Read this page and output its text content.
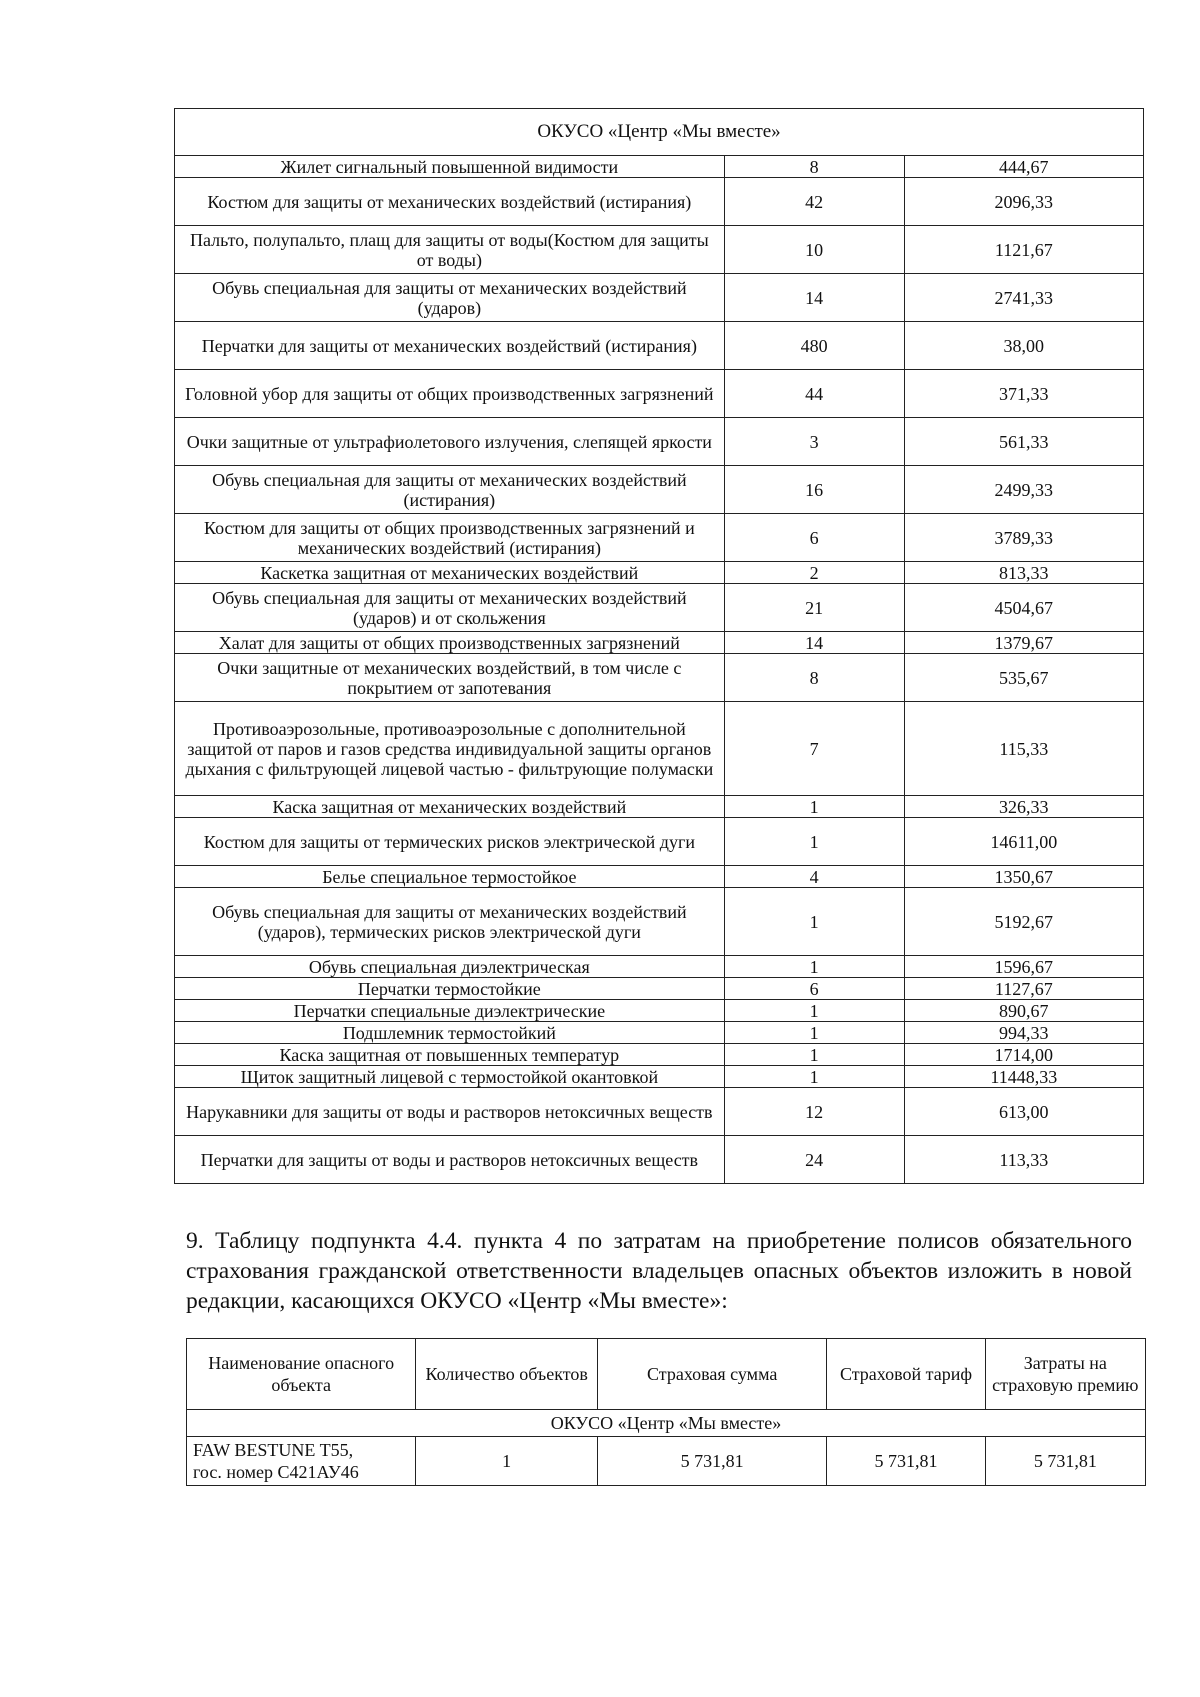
ОКУСО «Центр «Мы вместе»		
Жилет сигнальный повышенной видимости	8	444,67
Костюм для защиты от механических воздействий (истирания)	42	2096,33
Пальто, полупальто, плащ для защиты от воды(Костюм для защиты от воды)	10	1121,67
Обувь специальная для защиты от механических воздействий (ударов)	14	2741,33
Перчатки для защиты от механических воздействий (истирания)	480	38,00
Головной убор для защиты от общих производственных загрязнений	44	371,33
Очки защитные от ультрафиолетового излучения, слепящей яркости	3	561,33
Обувь специальная для защиты от механических воздействий (истирания)	16	2499,33
Костюм для защиты от общих производственных загрязнений и механических воздействий (истирания)	6	3789,33
Каскетка защитная от механических воздействий	2	813,33
Обувь специальная для защиты от механических воздействий (ударов) и от скольжения	21	4504,67
Халат для защиты от общих производственных загрязнений	14	1379,67
Очки защитные от механических воздействий, в том числе с покрытием от запотевания	8	535,67
Противоаэрозольные, противоаэрозольные с дополнительной защитой от паров и газов средства индивидуальной защиты органов дыхания с фильтрующей лицевой частью - фильтрующие полумаски	7	115,33
Каска защитная от механических воздействий	1	326,33
Костюм для защиты от термических рисков электрической дуги	1	14611,00
Белье специальное термостойкое	4	1350,67
Обувь специальная для защиты от механических воздействий (ударов), термических рисков электрической дуги	1	5192,67
Обувь специальная диэлектрическая	1	1596,67
Перчатки термостойкие	6	1127,67
Перчатки специальные диэлектрические	1	890,67
Подшлемник термостойкий	1	994,33
Каска защитная от повышенных температур	1	1714,00
Щиток защитный лицевой с термостойкой окантовкой	1	11448,33
Нарукавники для защиты от воды и растворов нетоксичных веществ	12	613,00
Перчатки для защиты от воды и растворов нетоксичных веществ	24	113,33

9. Таблицу подпункта 4.4. пункта 4 по затратам на приобретение полисов обязательного страхования гражданской ответственности владельцев опасных объектов изложить в новой редакции, касающихся ОКУСО «Центр «Мы вместе»:

Наименование опасного объекта	Количество объектов	Страховая сумма	Страховой тариф	Затраты на страховую премию
ОКУСО «Центр «Мы вместе»				

FAW BESTUNE T55,
гос. номер С421АУ46	1	5 731,81	5 731,81	5 731,81
